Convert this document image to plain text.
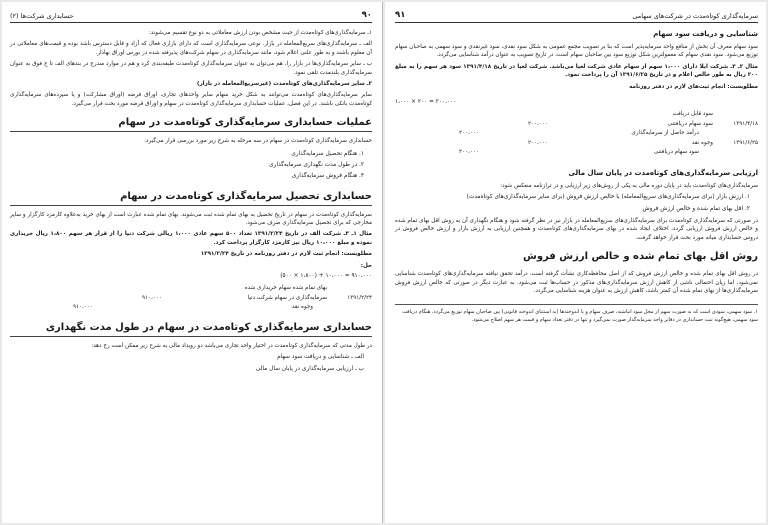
۹۰
حسابداری شرکت‌ها (۲)

۱ـ سرمایه‌گذاری‌های کوتاه‌مدت از حیث مشخص بودن ارزش معاملاتی به دو نوع تقسیم می‌شوند:

الف ـ سرمایه‌گذاری‌های سریع‌المعامله در بازار. نوعی سرمایه‌گذاری است که دارای بازاری فعال که آزاد و قابل دسترس باشد بوده و قیمت‌های معاملاتی در آن معلوم باشند و به طور علنی اعلام شود، مانند سرمایه‌گذاری در سهام شرکت‌های پذیرفته شده در بورس اوراق بهادار.

ب ـ سایر سرمایه‌گذاری‌ها در بازار را، هم می‌توان به عنوان سرمایه‌گذاری کوتاه‌مدت طبقه‌بندی کرد و هم در موارد مندرج در بندهای الف تا ج فوق به عنوان سرمایه‌گذاری بلندمدت تلقی نمود.

۲ـ سایر سرمایه‌گذاری‌های کوتاه‌مدت (غیرسریع‌المعامله در بازار)

سایر سرمایه‌گذاری‌های کوتاه‌مدت می‌توانند به شکل خرید سهام سایر واحدهای تجاری، اوراق قرضه (اوراق مشارکت) و یا سپرده‌های سرمایه‌گذاری کوتاه‌مدت بانکی باشند. در این فصل، عملیات حسابداری سرمایه‌گذاری کوتاه‌مدت در سهام و اوراق قرضه مورد بحث قرار می‌گیرد.

عملیات حسابداری سرمایه‌گذاری کوتاه‌مدت در سهام

حسابداری سرمایه‌گذاری کوتاه‌مدت در سهام در سه مرحله به شرح زیر مورد بررسی قرار می‌گیرد:

۱. هنگام تحصیل سرمایه‌گذاری
۲. در طول مدت نگهداری سرمایه‌گذاری
۳. هنگام فروش سرمایه‌گذاری
حسابداری تحصیل سرمایه‌گذاری کوتاه‌مدت در سهام

سرمایه‌گذاری کوتاه‌مدت در سهام در تاریخ تحصیل به بهای تمام شده ثبت می‌شوند. بهای تمام شده عبارت است از بهای خرید به‌علاوه کارمزد کارگزار و سایر مخارجی که برای تحصیل سرمایه‌گذاری صرف می‌شود.

مثال ۱ـ ۳ـ شرکت الف در تاریخ ۱۳۹۱/۲/۲۴ تعداد ۵۰۰ سهم عادی ۱،۰۰۰ ریالی شرکت دنیا را از قرار هر سهم ۱،۸۰۰ ریال خریداری نموده و مبلغ ۱۰،۰۰۰ ریال نیز کارمزد کارگزار پرداخت کرد.

مطلوبست: انجام ثبت لازم در دفتر روزنامه در تاریخ ۱۳۹۱/۲/۲۴

حل:

(۵۰۰ × ۱،۸۰۰) + ۱۰،۰۰۰ = ۹۱۰،۰۰۰
بهای تمام شده سهام خریداری شده
۱۳۹۱/۲/۲۴
سرمایه‌گذاری در سهام شرکت دنیا
۹۱۰،۰۰۰
وجوه نقد
۹۱۰،۰۰۰
حسابداری سرمایه‌گذاری کوتاه‌مدت در سهام در طول مدت نگهداری

در طول مدتی که سرمایه‌گذاری کوتاه‌مدت در اختیار واحد تجاری می‌باشد دو رویداد مالی به شرح زیر ممکن است رخ دهد:

الف ـ شناسایی و دریافت سود سهام
ب ـ ارزیابی سرمایه‌گذاری در پایان سال مالی
سرمایه‌گذاری کوتاه‌مدت در شرکت‌های سهامی
۹۱
شناسایی و دریافت سود سهام

سود سهام معرف آن بخش از منافع واحد سرمایه‌پذیر است که بنا بر تصویب مجمع عمومی به شکل سود نقدی، سود غیرنقدی و سود سهمی به صاحبان سهام توزیع می‌شود. سود نقدی سهام که معمولترین شکل توزیع سود بین صاحبان سهام است، در تاریخ تصویب به عنوان درآمد شناسایی می‌گردد.

مثال ۲ـ ۳ـ شرکت ایلا دارای ۱،۰۰۰ سهم از سهام عادی شرکت لعیا می‌باشد. شرکت لعیا در تاریخ ۱۳۹۱/۴/۱۸ سود هر سهم را به مبلغ ۲۰۰ ریال به طور خالص اعلام و در تاریخ ۱۳۹۱/۶/۲۵ آن را پرداخت نمود.

مطلوبست: انجام ثبت‌های لازم در دفتر روزنامه

۱،۰۰۰ × ۲۰۰ = ۲۰۰،۰۰۰
سود قابل دریافت
۱۳۹۱/۴/۱۸
سود سهام دریافتنی
۲۰۰،۰۰۰
درآمد حاصل از سرمایه‌گذاری
۲۰۰،۰۰۰
۱۳۹۱/۶/۲۵
وجوه نقد
۲۰۰،۰۰۰
سود سهام دریافتنی
۲۰۰،۰۰۰
ارزیابی سرمایه‌گذاری‌های کوتاه‌مدت در پایان سال مالی

سرمایه‌گذاری‌های کوتاه‌مدت باید در پایان دوره مالی به یکی از روش‌های زیر ارزیابی و در ترازنامه منعکس شود:

۱. ارزش بازار (برای سرمایه‌گذاری‌های سریع‌المعامله) یا خالص ارزش فروش (برای سایر سرمایه‌گذاری‌های کوتاه‌مدت)
۲. اقل بهای تمام شده و خالص ارزش فروش

در صورتی که سرمایه‌گذاری کوتاه‌مدت برای سرمایه‌گذاری‌های سریع‌المعامله در بازار نیز در نظر گرفته شود و هنگام نگهداری آن به روش اقل بهای تمام شده و خالص ارزش فروش ارزیابی گردد، اختلاف ایجاد شده در بهای سرمایه‌گذاری‌های کوتاه‌مدت و همچنین ارزیابی به ارزش بازار و ارزش خالص فروش در دروس حسابداری میانه مورد بحث قرار خواهد گرفت.

روش اقل بهای تمام شده و خالص ارزش فروش

در روش اقل بهای تمام شده و خالص ارزش فروش که از اصل محافظه‌کاری نشأت گرفته است، درآمد تحقق نیافته سرمایه‌گذاری‌های کوتاه‌مدت شناسایی نمی‌شود، اما زیان احتمالی ناشی از کاهش ارزش سرمایه‌گذاری‌های مذکور در حساب‌ها ثبت می‌شود. به عبارت دیگر در صورتی که خالص ارزش فروش سرمایه‌گذاری‌ها از بهای تمام شده آن کمتر باشد، کاهش ارزش به عنوان هزینه شناسایی می‌گردد.

۱. سود سهمی، سودی است که به صورت سهم از محل سود انباشته، صرف سهام و یا اندوخته‌ها (به استثنای اندوخته قانونی) بین صاحبان سهام توزیع می‌گردد. هنگام دریافت سود سهمی، هیچ‌گونه ثبت حسابداری در دفاتر واحد سرمایه‌گذار صورت نمی‌گیرد و تنها در دفتر تعداد سهام و قیمت هر سهم اصلاح می‌شود.
